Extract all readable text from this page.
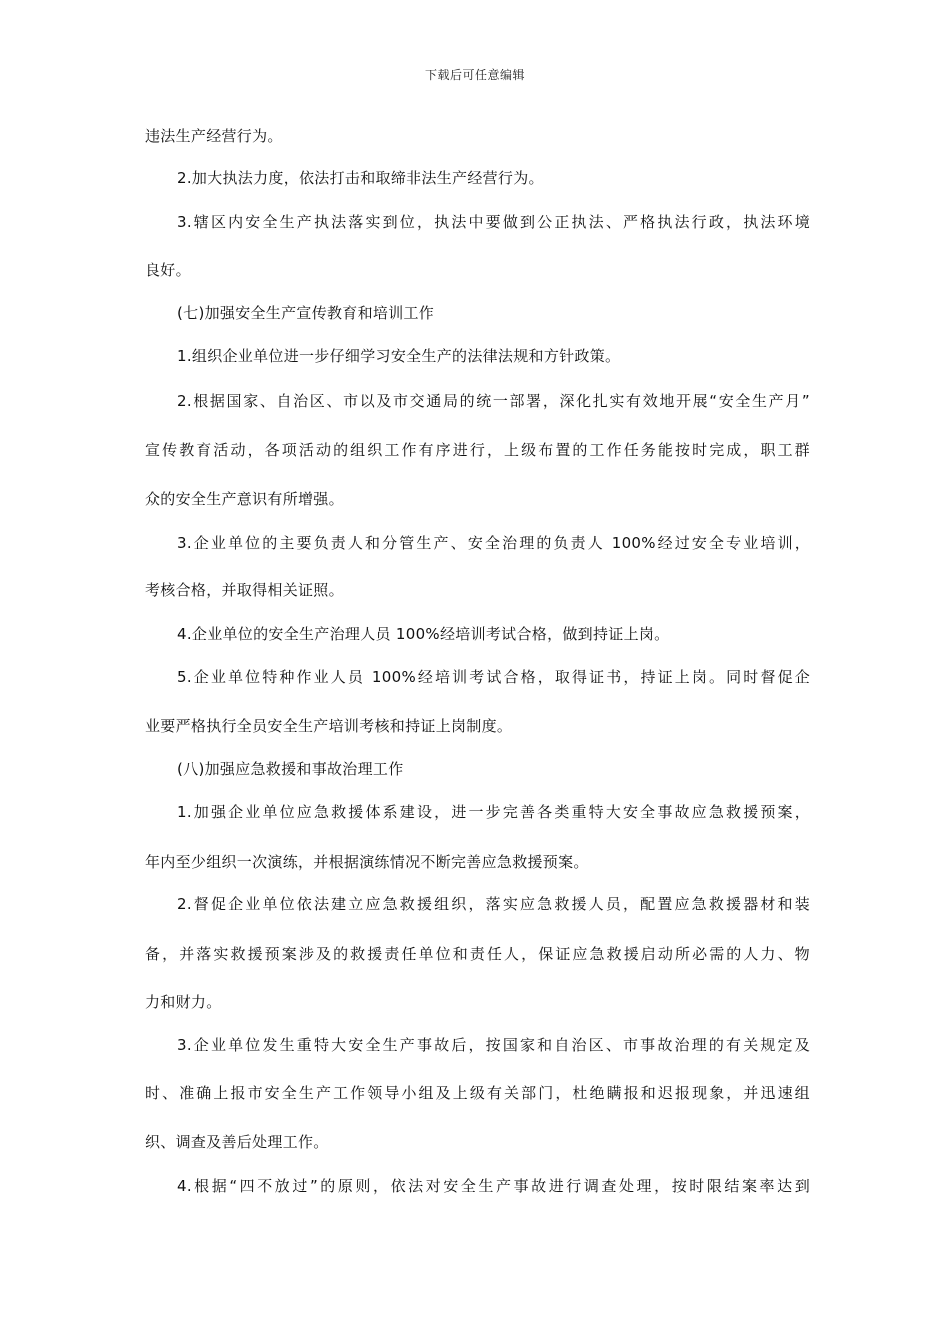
下载后可任意编辑
违法生产经营行为。
2.加大执法力度，依法打击和取缔非法生产经营行为。
3.辖区内安全生产执法落实到位，执法中要做到公正执法、严格执法行政，执法环境
良好。
(七)加强安全生产宣传教育和培训工作
1.组织企业单位进一步仔细学习安全生产的法律法规和方针政策。
2.根据国家、自治区、市以及市交通局的统一部署，深化扎实有效地开展“安全生产月”
宣传教育活动，各项活动的组织工作有序进行，上级布置的工作任务能按时完成，职工群
众的安全生产意识有所增强。
3.企业单位的主要负责人和分管生产、安全治理的负责人 100%经过安全专业培训，
考核合格，并取得相关证照。
4.企业单位的安全生产治理人员 100%经培训考试合格，做到持证上岗。
5.企业单位特种作业人员 100%经培训考试合格，取得证书，持证上岗。同时督促企
业要严格执行全员安全生产培训考核和持证上岗制度。
(八)加强应急救援和事故治理工作
1.加强企业单位应急救援体系建设，进一步完善各类重特大安全事故应急救援预案，
年内至少组织一次演练，并根据演练情况不断完善应急救援预案。
2.督促企业单位依法建立应急救援组织，落实应急救援人员，配置应急救援器材和装
备，并落实救援预案涉及的救援责任单位和责任人，保证应急救援启动所必需的人力、物
力和财力。
3.企业单位发生重特大安全生产事故后，按国家和自治区、市事故治理的有关规定及
时、准确上报市安全生产工作领导小组及上级有关部门，杜绝瞒报和迟报现象，并迅速组
织、调查及善后处理工作。
4.根据“四不放过”的原则，依法对安全生产事故进行调查处理，按时限结案率达到
